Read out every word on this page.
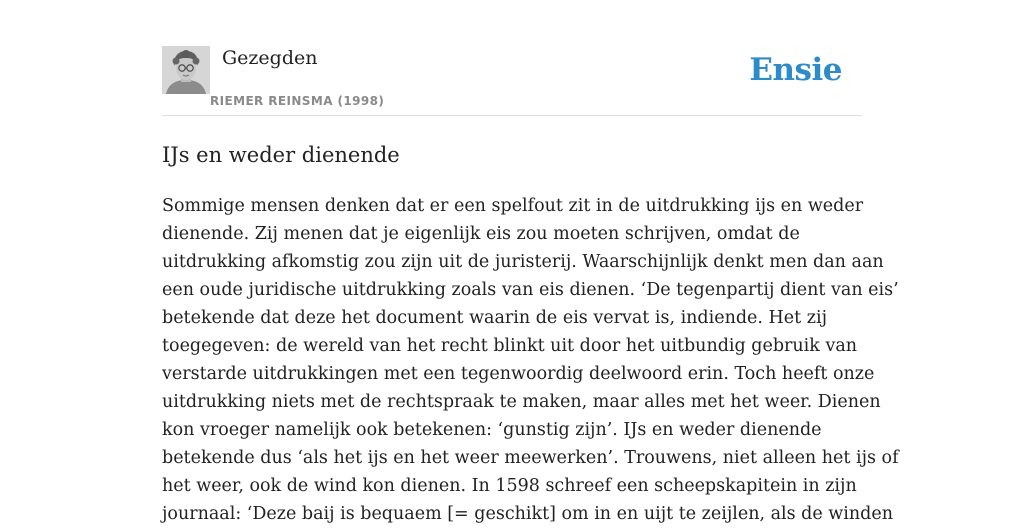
Gezegden
RIEMER REINSMA (1998)
Ensie
IJs en weder dienende
Sommige mensen denken dat er een spelfout zit in de uitdrukking ijs en weder
dienende. Zij menen dat je eigenlijk eis zou moeten schrijven, omdat de
uitdrukking afkomstig zou zijn uit de juristerij. Waarschijnlijk denkt men dan aan
een oude juridische uitdrukking zoals van eis dienen. ‘De tegenpartij dient van eis’
betekende dat deze het document waarin de eis vervat is, indiende. Het zij
toegegeven: de wereld van het recht blinkt uit door het uitbundig gebruik van
verstarde uitdrukkingen met een tegenwoordig deelwoord erin. Toch heeft onze
uitdrukking niets met de rechtspraak te maken, maar alles met het weer. Dienen
kon vroeger namelijk ook betekenen: ‘gunstig zijn’. IJs en weder dienende
betekende dus ‘als het ijs en het weer meewerken’. Trouwens, niet alleen het ijs of
het weer, ook de wind kon dienen. In 1598 schreef een scheepskapitein in zijn
journaal: ‘Deze baij is bequaem [= geschikt] om in en uijt te zeijlen, als de winden
